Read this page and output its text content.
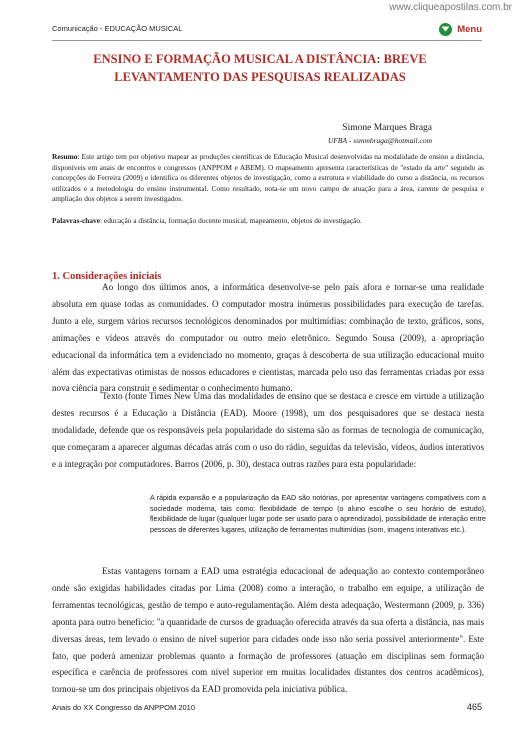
www.cliqueapostilas.com.br
Comunicação - EDUCAÇÃO MUSICAL	Menu
ENSINO E FORMAÇÃO MUSICAL A DISTÂNCIA: BREVE LEVANTAMENTO DAS PESQUISAS REALIZADAS
Simone Marques Braga
UFBA - ssmmbraga@hotmail.com

Resumo: Este artigo tem por objetivo mapear as produções científicas de Educação Musical desenvolvidas na modalidade de ensino a distância, disponíveis em anais de encontros e congressos (ANPPOM e ABEM). O mapeamento apresenta características de "estado da arte" segundo as concepções de Ferreira (2009) e identifica os diferentes objetos de investigação, como a estrutura e viabilidade do curso a distância, os recursos utilizados e a metodologia do ensino instrumental. Como resultado, nota-se um novo campo de atuação para a área, carente de pesquisa e ampliação dos objetos a serem investigados.

Palavras-chave: educação a distância, formação docente musical, mapeamento, objetos de investigação.

1. Considerações iniciais

Ao longo dos últimos anos, a informática desenvolve-se pelo país afora e tornar-se uma realidade absoluta em quase todas as comunidades. O computador mostra inúmeras possibilidades para execução de tarefas. Junto a ele, surgem vários recursos tecnológicos denominados por multimídias: combinação de texto, gráficos, sons, animações e vídeos através do computador ou outro meio eletrônico. Segundo Sousa (2009), a apropriação educacional da informática tem a evidenciado no momento, graças à descoberta de sua utilização educacional muito além das expectativas otimistas de nossos educadores e cientistas, marcada pelo uso das ferramentas criadas por essa nova ciência para construir e sedimentar o conhecimento humano.

Texto (fonte Times New Uma das modalidades de ensino que se destaca e cresce em virtude a utilização destes recursos é a Educação a Distância (EAD). Moore (1998), um dos pesquisadores que se destaca nesta modalidade, defende que os responsáveis pela popularidade do sistema são as formas de tecnologia de comunicação, que começaram a aparecer algumas décadas atrás com o uso do rádio, seguidas da televisão, vídeos, áudios interativos e a integração por computadores. Barros (2006, p. 30), destaca outras razões para esta popularidade:

A rápida expansão e a popularização da EAD são notórias, por apresentar vantagens compatíveis com a sociedade moderna, tais como: flexibilidade de tempo (o aluno escolhe o seu horário de estudo), flexibilidade de lugar (qualquer lugar pode ser usado para o aprendizado), possibilidade de interação entre pessoas de diferentes lugares, utilização de ferramentas multimídias (som, imagens interativas etc.).

Estas vantagens tornam a EAD uma estratégia educacional de adequação ao contexto contemporâneo onde são exigidas habilidades citadas por Lima (2008) como a interação, o trabalho em equipe, a utilização de ferramentas tecnológicas, gestão de tempo e auto-regulamentação. Além desta adequação, Westermann (2009, p. 336) aponta para outro benefício: "a quantidade de cursos de graduação oferecida através da sua oferta a distância, nas mais diversas áreas, tem levado o ensino de nível superior para cidades onde isso não seria possível anteriormente". Este fato, que poderá amenizar problemas quanto a formação de professores (atuação em disciplinas sem formação específica e carência de professores com nível superior em muitas localidades distantes dos centros acadêmicos), tornou-se um dos principais objetivos da EAD promovida pela iniciativa pública.

Anais do XX Congresso da ANPPOM 2010	465
